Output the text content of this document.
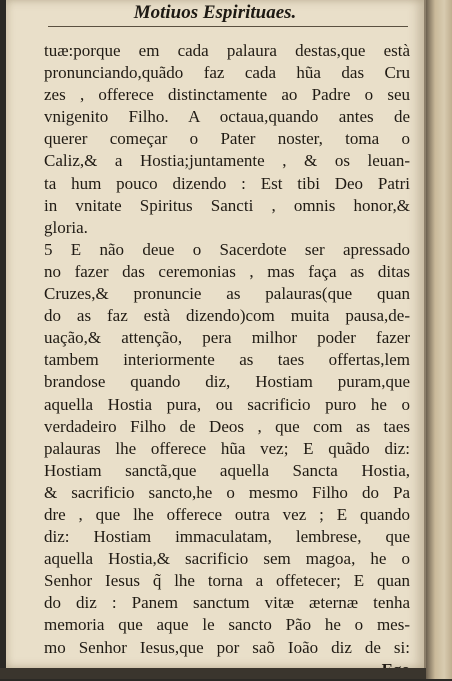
Motiuos Espirituaes.
tuæ:porque em cada palaura destas,que està
pronunciando,quãdo faz cada hũa das Cru
zes , offerece distinctamente ao Padre o seu
vnigenito Filho. A octaua,quando antes de
querer começar o Pater noster, toma o
Caliz,& a Hostia;juntamente , & os leuan-
ta hum pouco dizendo : Est tibi Deo Patri
in vnitate Spiritus Sancti , omnis honor,&
gloria.
5 E não deue o Sacerdote ser apressado
no fazer das ceremonias , mas faça as ditas
Cruzes,& pronuncie as palauras(que quan
do as faz està dizendo)com muita pausa,de-
uação,& attenção, pera milhor poder fazer
tambem interiormente as taes offertas,lem
brandose quando diz, Hostiam puram,que
aquella Hostia pura, ou sacrificio puro he o
verdadeiro Filho de Deos , que com as taes
palauras lhe offerece hũa vez; E quãdo diz:
Hostiam sanctã,que aquella Sancta Hostia,
& sacrificio sancto,he o mesmo Filho do Pa
dre , que lhe offerece outra vez ; E quando
diz: Hostiam immaculatam, lembrese, que
aquella Hostia,& sacrificio sem magoa, he o
Senhor Iesus q̃ lhe torna a offetecer; E quan
do diz : Panem sanctum vitæ æternæ tenha
memoria que aque le sancto Pão he o mes-
mo Senhor Iesus,que por saõ Ioão diz de si:
